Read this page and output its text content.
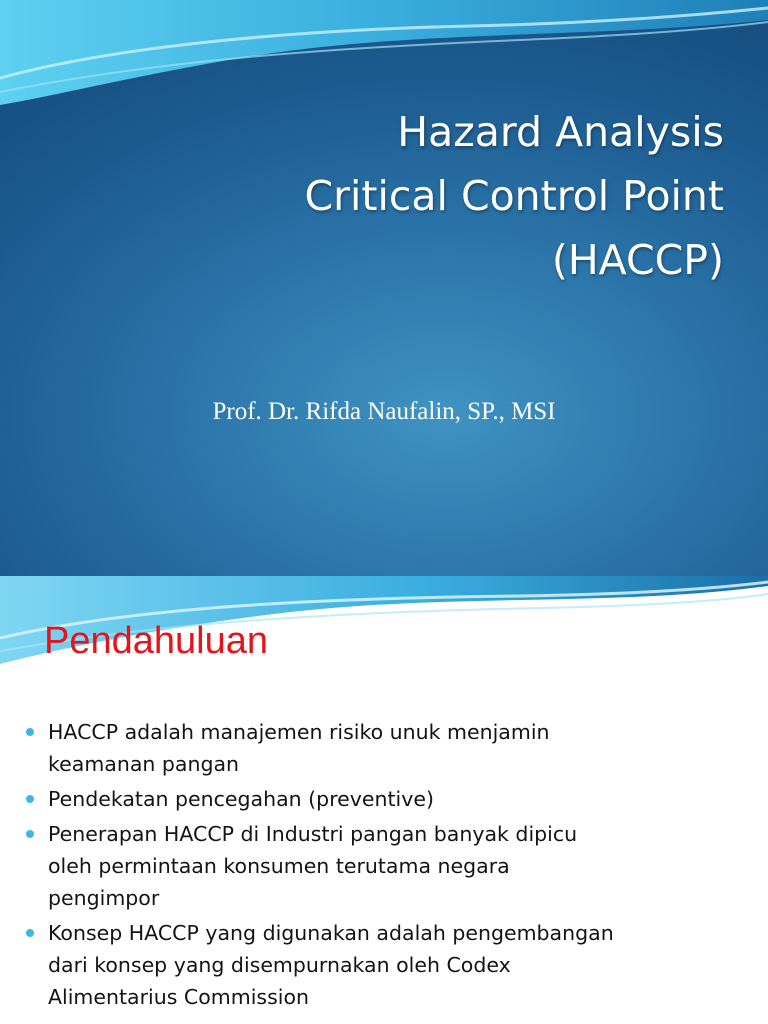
Hazard Analysis
Critical Control Point
(HACCP)
Prof. Dr. Rifda Naufalin, SP., MSI
Pendahuluan
HACCP adalah manajemen risiko unuk menjamin
keamanan pangan
Pendekatan pencegahan (preventive)
Penerapan HACCP di Industri pangan banyak dipicu
oleh permintaan konsumen terutama negara
pengimpor
Konsep HACCP yang digunakan adalah pengembangan
dari konsep yang disempurnakan oleh Codex
Alimentarius Commission
